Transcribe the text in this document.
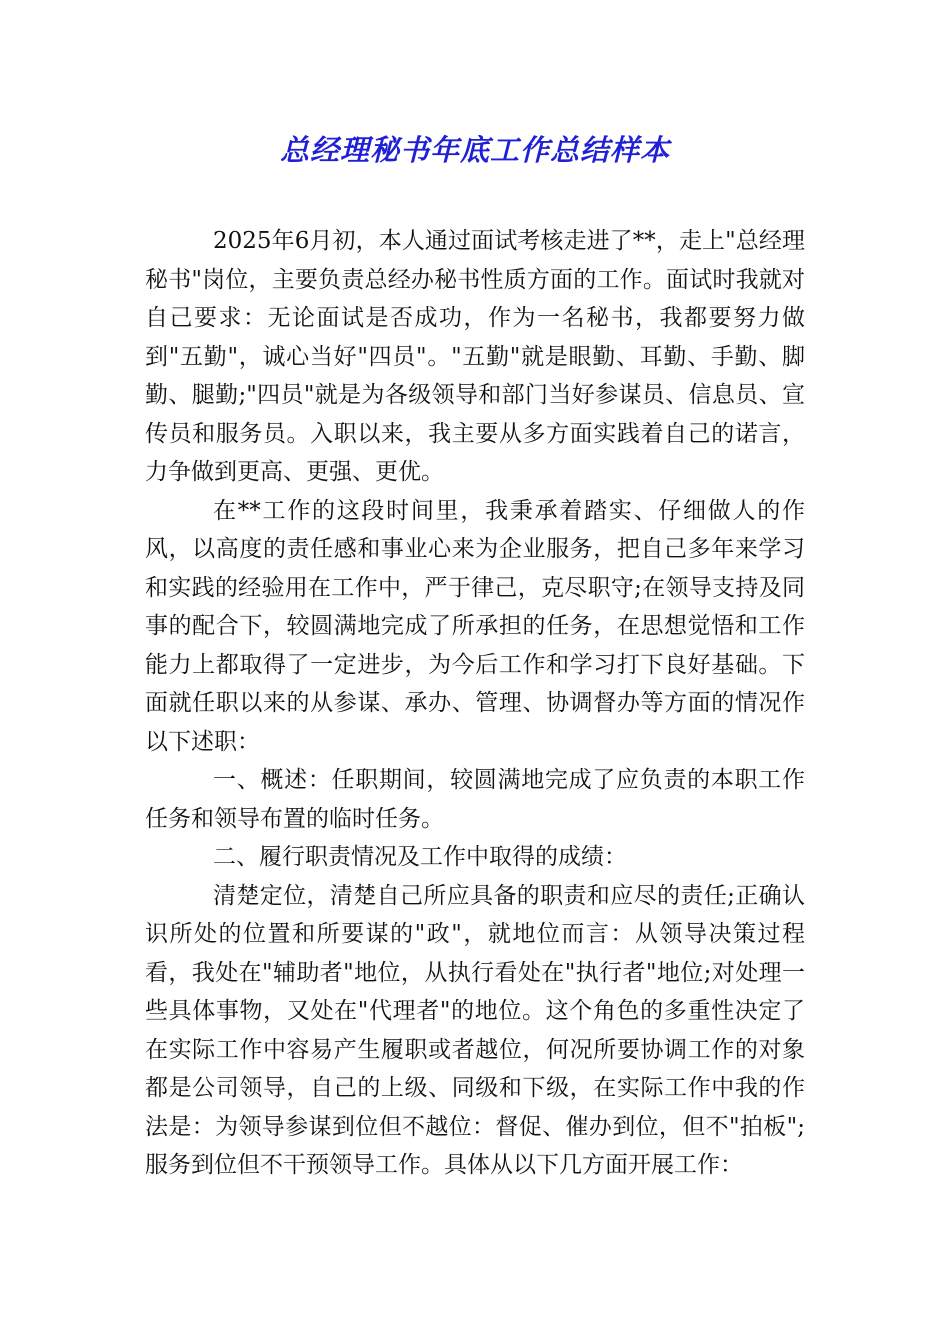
总经理秘书年底工作总结样本

2025年6月初，本人通过面试考核走进了**，走上"总经理秘书"岗位，主要负责总经办秘书性质方面的工作。面试时我就对自己要求：无论面试是否成功，作为一名秘书，我都要努力做到"五勤"，诚心当好"四员"。"五勤"就是眼勤、耳勤、手勤、脚勤、腿勤;"四员"就是为各级领导和部门当好参谋员、信息员、宣传员和服务员。入职以来，我主要从多方面实践着自己的诺言，力争做到更高、更强、更优。

在**工作的这段时间里，我秉承着踏实、仔细做人的作风，以高度的责任感和事业心来为企业服务，把自己多年来学习和实践的经验用在工作中，严于律己，克尽职守;在领导支持及同事的配合下，较圆满地完成了所承担的任务，在思想觉悟和工作能力上都取得了一定进步，为今后工作和学习打下良好基础。下面就任职以来的从参谋、承办、管理、协调督办等方面的情况作以下述职：

一、概述：任职期间，较圆满地完成了应负责的本职工作任务和领导布置的临时任务。

二、履行职责情况及工作中取得的成绩：

清楚定位，清楚自己所应具备的职责和应尽的责任;正确认识所处的位置和所要谋的"政"，就地位而言：从领导决策过程看，我处在"辅助者"地位，从执行看处在"执行者"地位;对处理一些具体事物，又处在"代理者"的地位。这个角色的多重性决定了在实际工作中容易产生履职或者越位，何况所要协调工作的对象都是公司领导，自己的上级、同级和下级，在实际工作中我的作法是：为领导参谋到位但不越位：督促、催办到位，但不"拍板";服务到位但不干预领导工作。具体从以下几方面开展工作：
